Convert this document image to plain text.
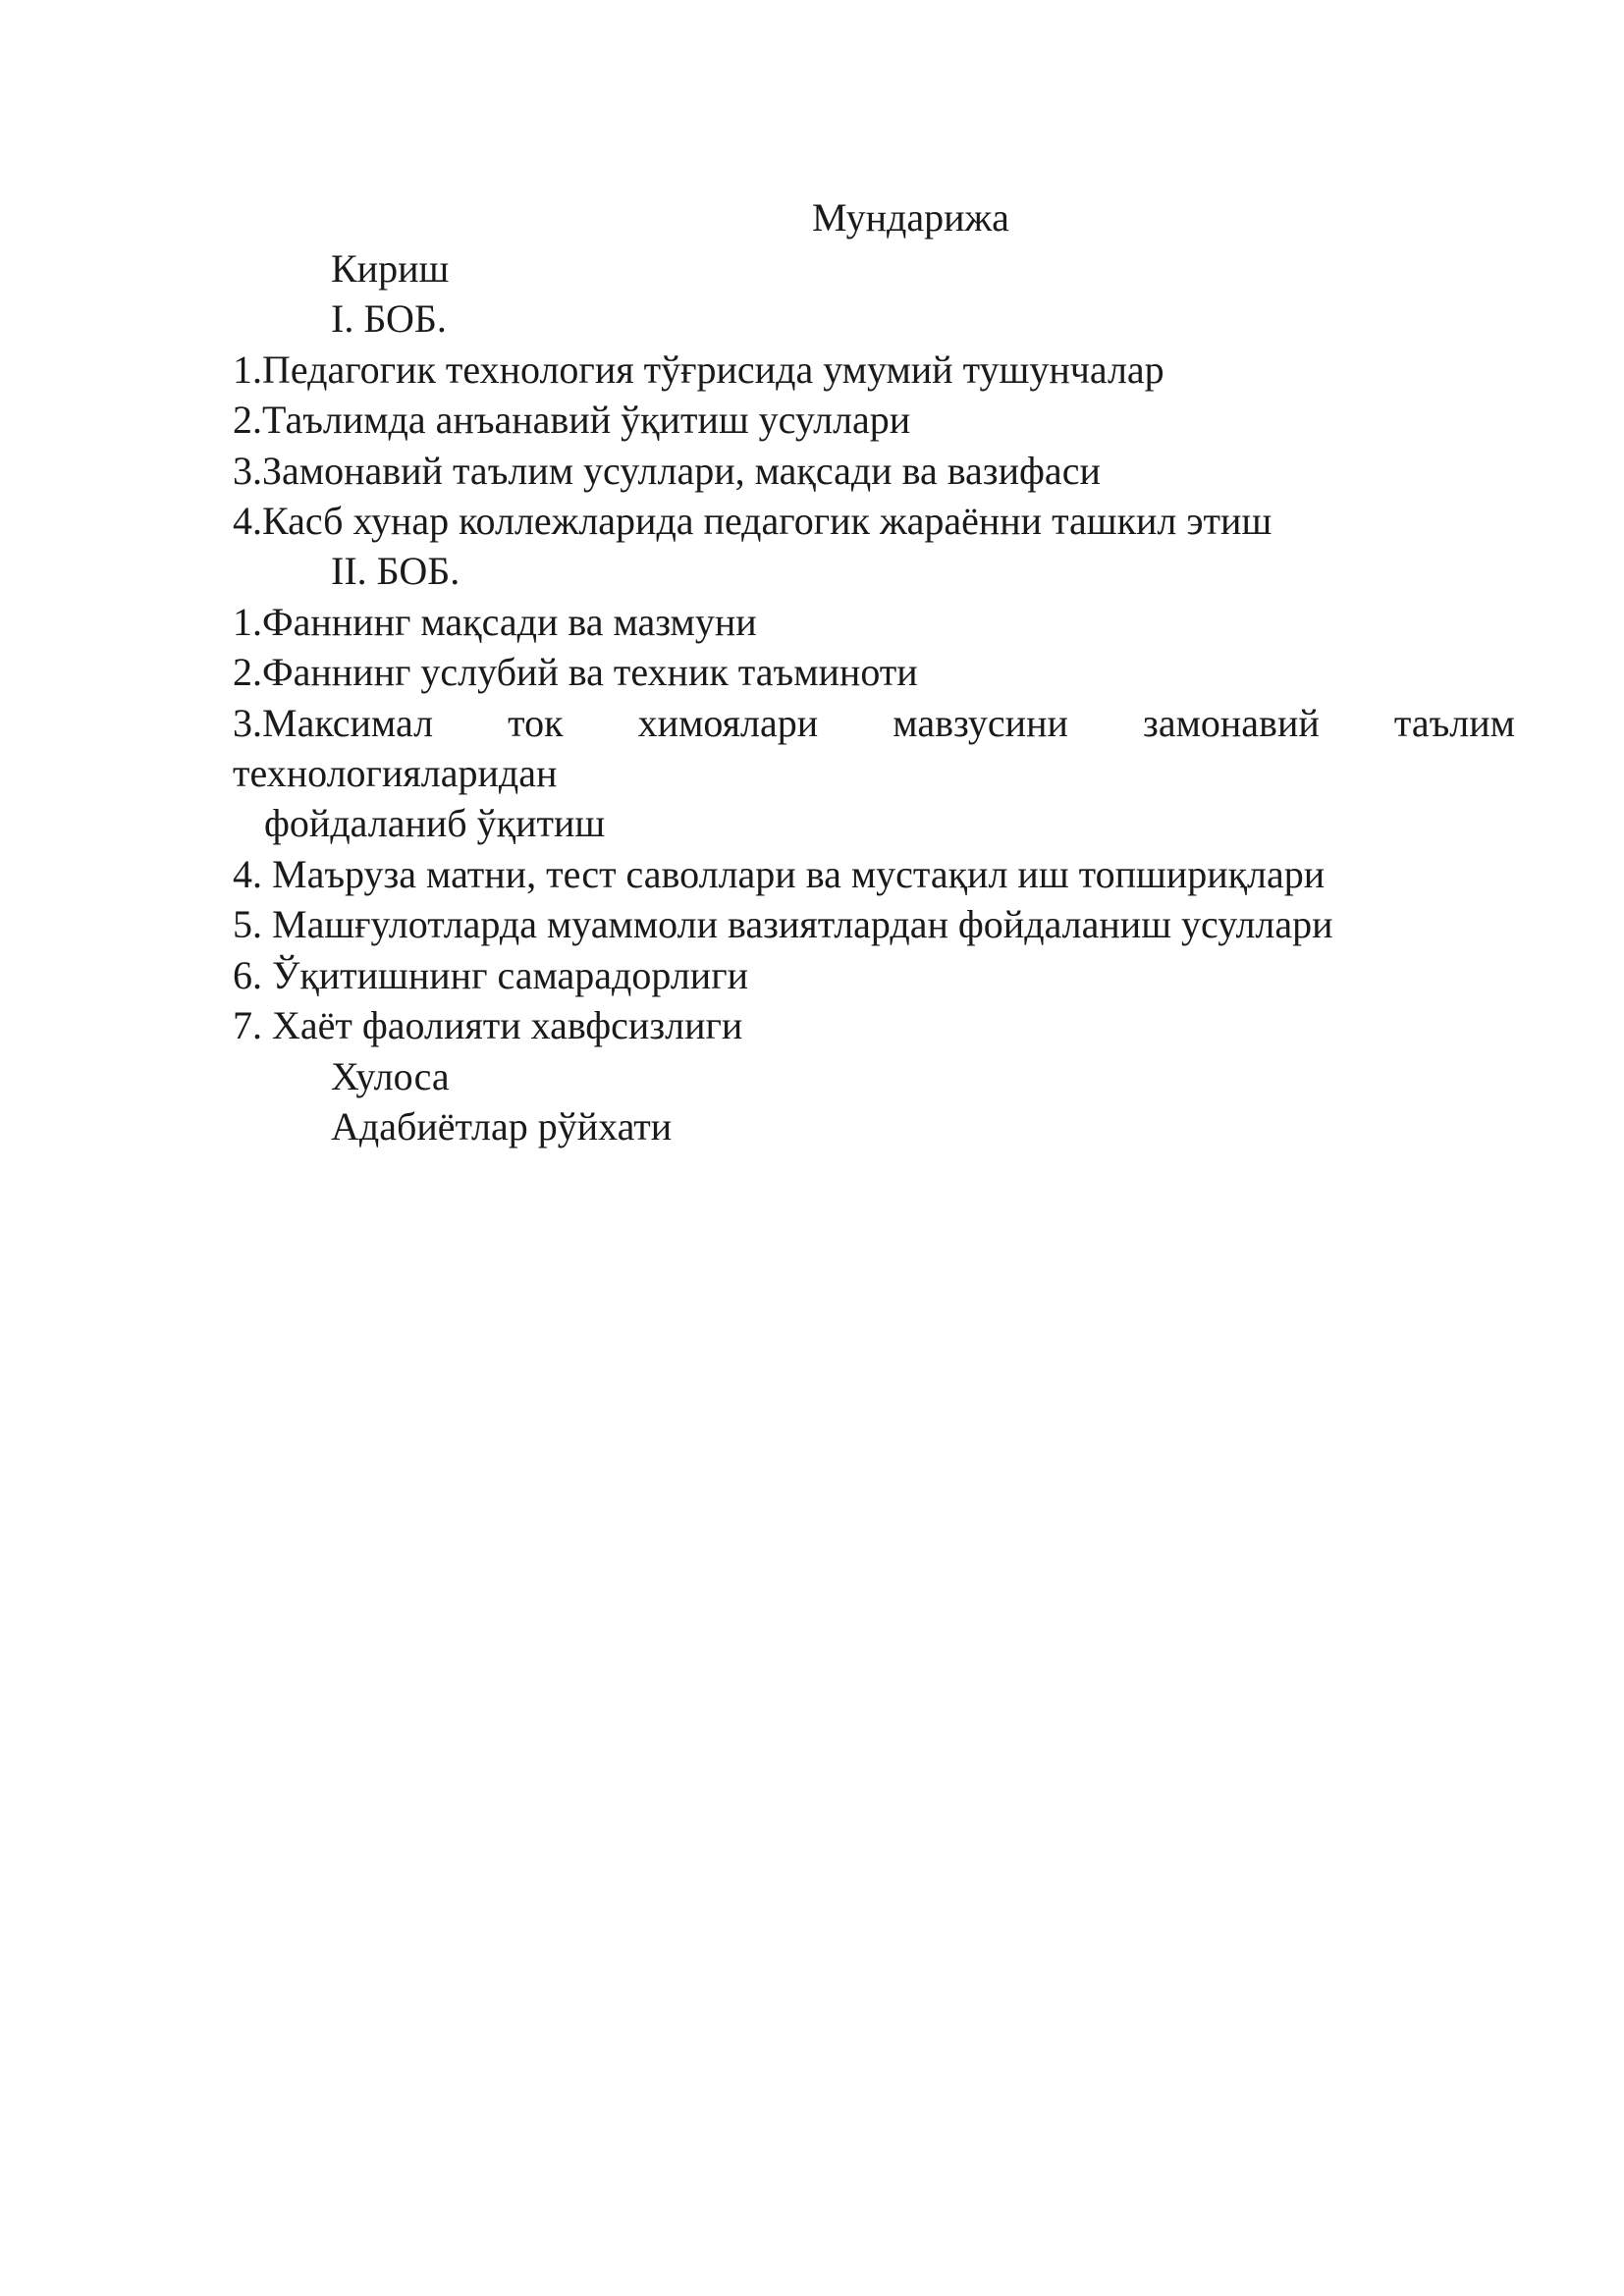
Мундарижа

Кириш

I. БОБ.

1.Педагогик технология тўғрисида умумий тушунчалар

2.Таълимда анъанавий ўқитиш усуллари

3.Замонавий таълим усуллари, мақсади ва вазифаси

4.Касб хунар коллежларида педагогик жараённи ташкил этиш

II. БОБ.

1.Фаннинг мақсади ва мазмуни

2.Фаннинг услубий ва техник таъминоти

3.Максимал ток химоялари мавзусини замонавий таълим

технологияларидан

фойдаланиб ўқитиш

4. Маъруза матни, тест саволлари ва мустақил иш топшириқлари

5. Машғулотларда муаммоли вазиятлардан фойдаланиш усуллари

6. Ўқитишнинг самарадорлиги

7. Хаёт фаолияти хавфсизлиги

Хулоса

Адабиётлар рўйхати
